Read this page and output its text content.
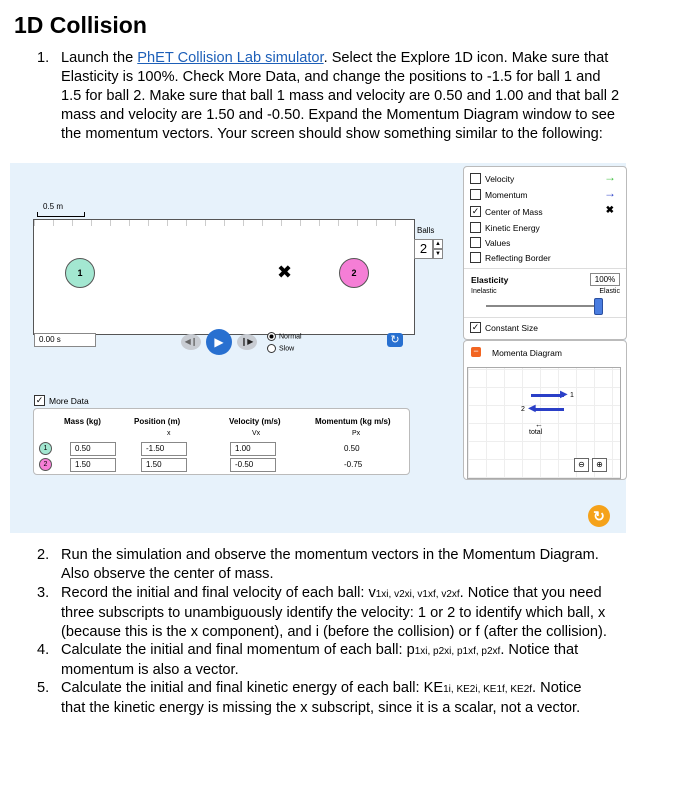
1D Collision
1. Launch the PhET Collision Lab simulator. Select the Explore 1D icon. Make sure that
Elasticity is 100%. Check More Data, and change the positions to -1.5 for ball 1 and
1.5 for ball 2. Make sure that ball 1 mass and velocity are 0.50 and 1.00 and that ball 2
mass and velocity are 1.50 and -0.50. Expand the Momentum Diagram window to see
the momentum vectors. Your screen should show something similar to the following:
0.5 m
1	✖	2
Balls
2	▲
▼
Velocity	→
Momentum	→
✓ Center of Mass	✖
Kinetic Energy
Values
Reflecting Border
Elasticity	100%
Inelastic	Elastic
✓ Constant Size
0.00 s	◀❙	▶	❙▶
Normal
Slow
↻
− Momenta Diagram
▶ 1
◀
2
←
total
⊖	⊕
✓ More Data
Mass (kg)	Position (m)	Velocity (m/s)	Momentum (kg m/s)
x	Vx	Px
1	0.50	-1.50	1.00	0.50
2	1.50	1.50	-0.50	-0.75
↻
2. Run the simulation and observe the momentum vectors in the Momentum Diagram.
Also observe the center of mass.
3. Record the initial and final velocity of each ball: v1xi, v2xi, v1xf, v2xf. Notice that you need
three subscripts to unambiguously identify the velocity: 1 or 2 to identify which ball, x
(because this is the x component), and i (before the collision) or f (after the collision).
4. Calculate the initial and final momentum of each ball: p1xi, p2xi, p1xf, p2xf. Notice that
momentum is also a vector.
5. Calculate the initial and final kinetic energy of each ball: KE1i, KE2i, KE1f, KE2f. Notice
that the kinetic energy is missing the x subscript, since it is a scalar, not a vector.
